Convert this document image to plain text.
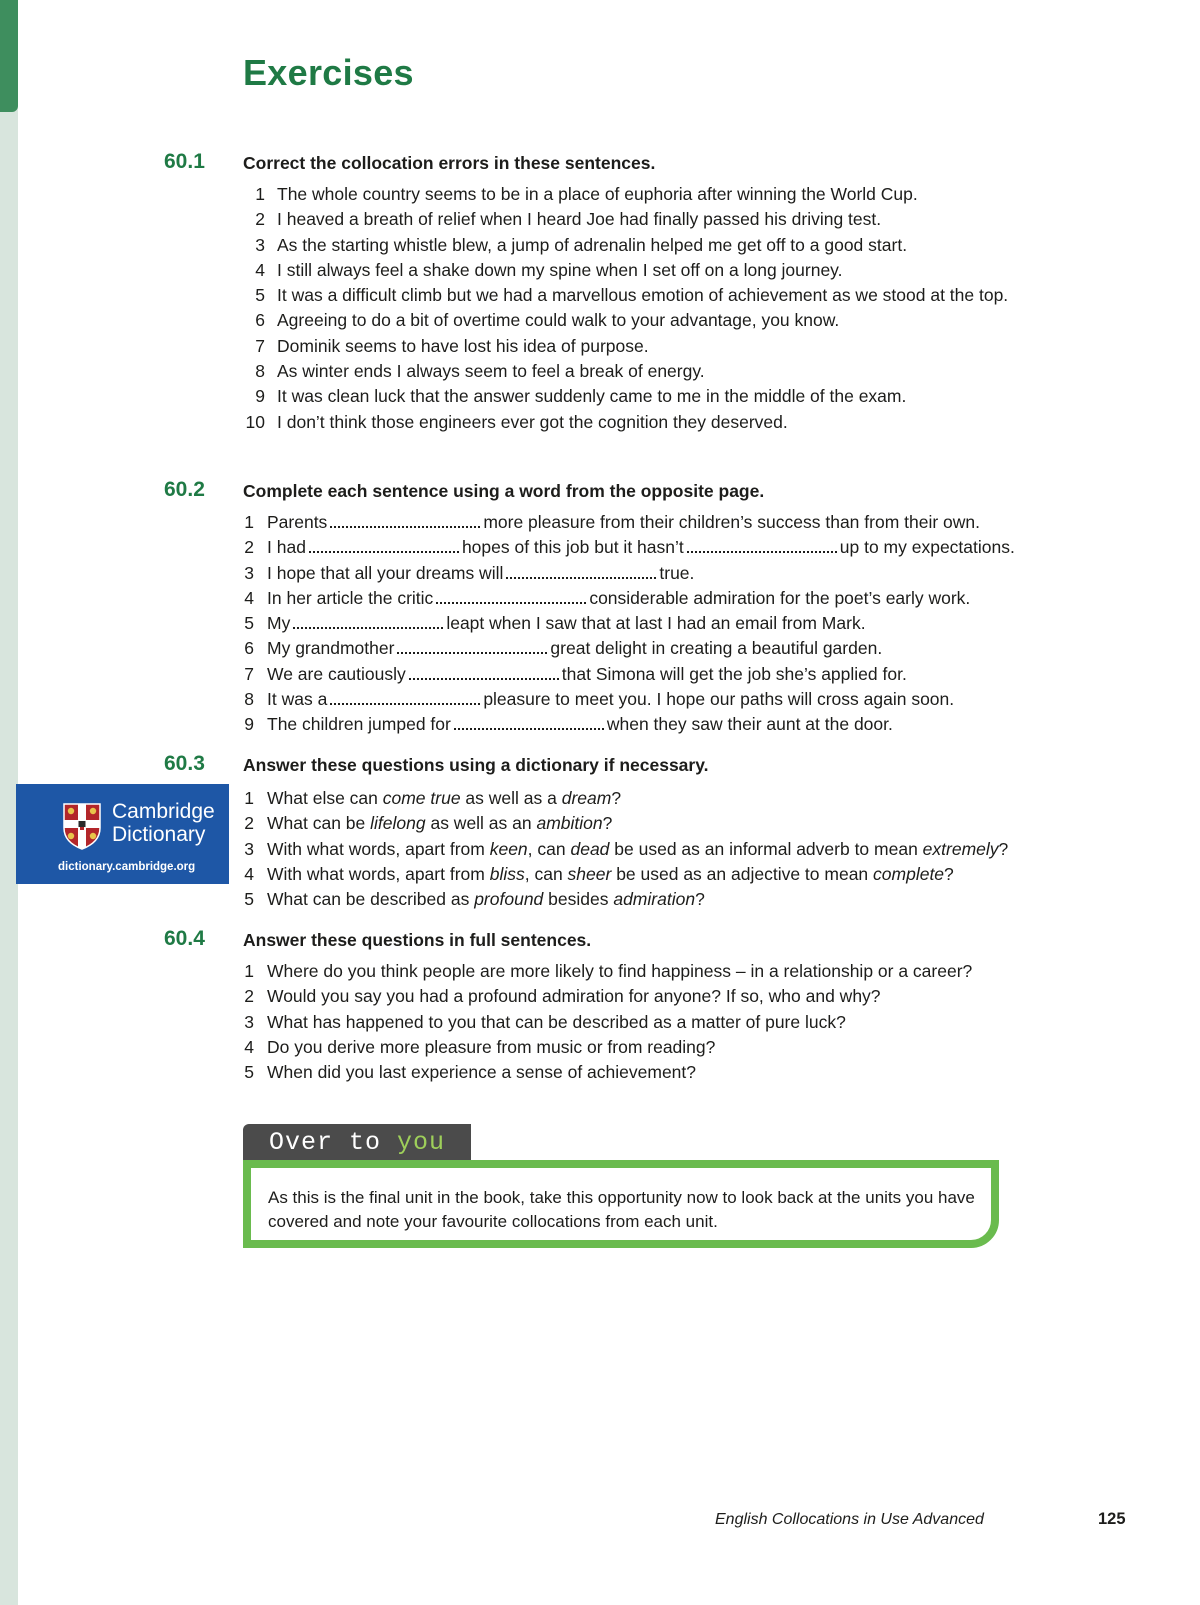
Exercises
60.1 Correct the collocation errors in these sentences.

1 The whole country seems to be in a place of euphoria after winning the World Cup.
2 I heaved a breath of relief when I heard Joe had finally passed his driving test.
3 As the starting whistle blew, a jump of adrenalin helped me get off to a good start.
4 I still always feel a shake down my spine when I set off on a long journey.
5 It was a difficult climb but we had a marvellous emotion of achievement as we stood at the top.
6 Agreeing to do a bit of overtime could walk to your advantage, you know.
7 Dominik seems to have lost his idea of purpose.
8 As winter ends I always seem to feel a break of energy.
9 It was clean luck that the answer suddenly came to me in the middle of the exam.
10 I don’t think those engineers ever got the cognition they deserved.
60.2 Complete each sentence using a word from the opposite page.

1 Parents	more pleasure from their children’s success than from their own.
2 I had	hopes of this job but it hasn’t	up to my expectations.
3 I hope that all your dreams will	true.
4 In her article the critic	considerable admiration for the poet’s early work.
5 My	leapt when I saw that at last I had an email from Mark.
6 My grandmother	great delight in creating a beautiful garden.
7 We are cautiously	that Simona will get the job she’s applied for.
8 It was a	pleasure to meet you. I hope our paths will cross again soon.
9 The children jumped for	when they saw their aunt at the door.
60.3 Answer these questions using a dictionary if necessary.

1 What else can come true as well as a dream?
2 What can be lifelong as well as an ambition?
3 With what words, apart from keen, can dead be used as an informal adverb to mean extremely?
4 With what words, apart from bliss, can sheer be used as an adjective to mean complete?
5 What can be described as profound besides admiration?
60.4 Answer these questions in full sentences.

1 Where do you think people are more likely to find happiness – in a relationship or a career?
2 Would you say you had a profound admiration for anyone? If so, who and why?
3 What has happened to you that can be described as a matter of pure luck?
4 Do you derive more pleasure from music or from reading?
5 When did you last experience a sense of achievement?
Cambridge
Dictionary
dictionary.cambridge.org
Over to you

As this is the final unit in the book, take this opportunity now to look back at the units you have covered and note your favourite collocations from each unit.

English Collocations in Use Advanced	125
